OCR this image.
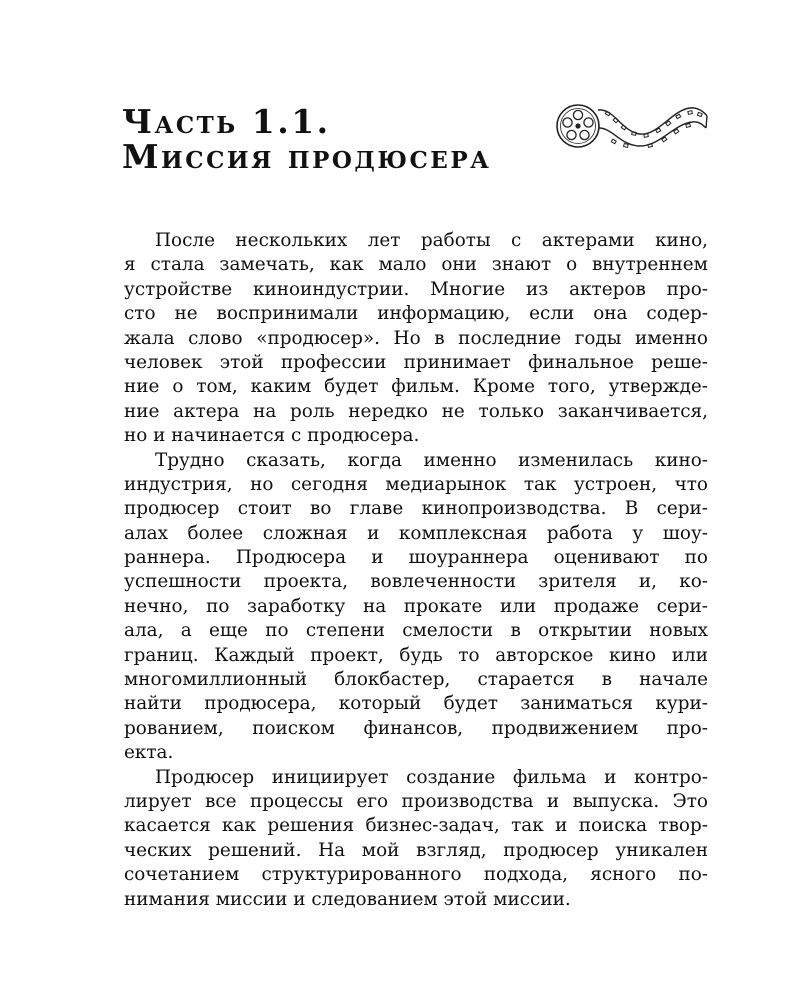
Часть 1.1.
Миссия продюсера
После нескольких лет работы с актерами кино,
я стала замечать, как мало они знают о внутреннем
устройстве киноиндустрии. Многие из актеров про-
сто не воспринимали информацию, если она содер-
жала слово «продюсер». Но в последние годы именно
человек этой профессии принимает финальное реше-
ние о том, каким будет фильм. Кроме того, утвержде-
ние актера на роль нередко не только заканчивается,
но и начинается с продюсера.
Трудно сказать, когда именно изменилась кино-
индустрия, но сегодня медиарынок так устроен, что
продюсер стоит во главе кинопроизводства. В сери-
алах более сложная и комплексная работа у шоу-
раннера. Продюсера и шоураннера оценивают по
успешности проекта, вовлеченности зрителя и, ко-
нечно, по заработку на прокате или продаже сери-
ала, а еще по степени смелости в открытии новых
границ. Каждый проект, будь то авторское кино или
многомиллионный блокбастер, старается в начале
найти продюсера, который будет заниматься кури-
рованием, поиском финансов, продвижением про-
екта.
Продюсер инициирует создание фильма и контро-
лирует все процессы его производства и выпуска. Это
касается как решения бизнес-задач, так и поиска твор-
ческих решений. На мой взгляд, продюсер уникален
сочетанием структурированного подхода, ясного по-
нимания миссии и следованием этой миссии.
